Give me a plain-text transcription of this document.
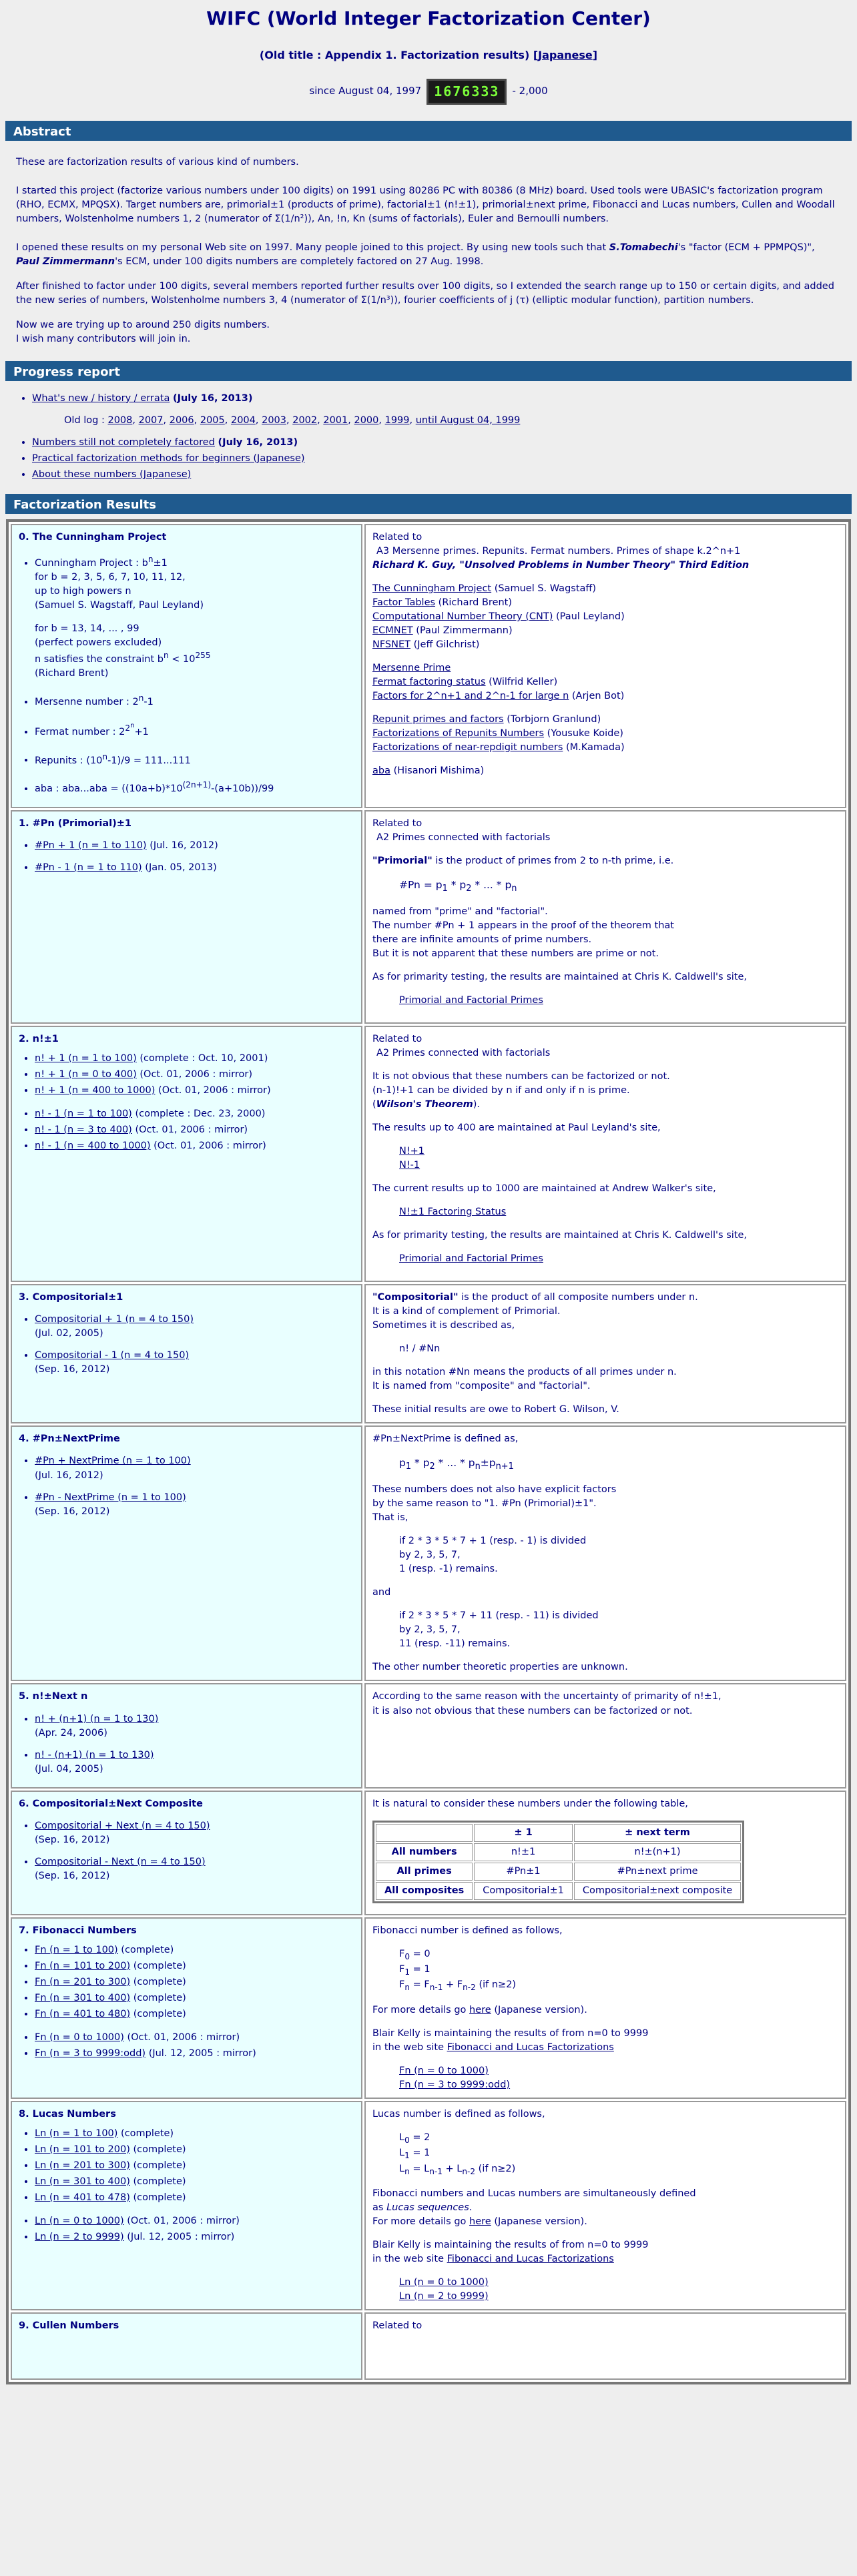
WIFC (World Integer Factorization Center)
(Old title : Appendix 1. Factorization results) [Japanese]
since August 04, 1997 1676333	- 2,000
Abstract

These are factorization results of various kind of numbers.

I started this project (factorize various numbers under 100 digits) on 1991 using 80286 PC with 80386 (8 MHz) board. Used tools were UBASIC's factorization program (RHO, ECMX, MPQSX). Target numbers are, primorial±1 (products of prime), factorial±1 (n!±1), primorial±next prime, Fibonacci and Lucas numbers, Cullen and Woodall numbers, Wolstenholme numbers 1, 2 (numerator of Σ(1/n²)), An, !n, Kn (sums of factorials), Euler and Bernoulli numbers.

I opened these results on my personal Web site on 1997. Many people joined to this project. By using new tools such that S.Tomabechi's "factor (ECM + PPMPQS)", Paul Zimmermann's ECM, under 100 digits numbers are completely factored on 27 Aug. 1998.

After finished to factor under 100 digits, several members reported further results over 100 digits, so I extended the search range up to 150 or certain digits, and added the new series of numbers, Wolstenholme numbers 3, 4 (numerator of Σ(1/n³)), fourier coefficients of j (τ) (elliptic modular function), partition numbers.

Now we are trying up to around 250 digits numbers.
I wish many contributors will join in.

Progress report
• What's new / history / errata (July 16, 2013)
Old log : 2008, 2007, 2006, 2005, 2004, 2003, 2002, 2001, 2000, 1999, until August 04, 1999
• Numbers still not completely factored (July 16, 2013)
• Practical factorization methods for beginners (Japanese)
• About these numbers (Japanese)
Factorization Results
0. The Cunningham Project
• Cunningham Project : $b^n\pm 1$
for b = 2, 3, 5, 6, 7, 10, 11, 12,
up to high powers n
(Samuel S. Wagstaff, Paul Leyland)

for b = 13, 14, ... , 99
(perfect powers excluded)
n satisfies the constraint $b^n < 10^{255}$
(Richard Brent)
• Mersenne number : 2$^n$-1
• Fermat number : $2^{2^n}+1$
• Repunits : $(10^n-1)/9 = 111...111$
• aba : $aba...aba = ((10a+b)*10^{(2n+1)}-(a+10b))/99$

Related to
A3 Mersenne primes. Repunits. Fermat numbers. Primes of shape k.2^n+1
Richard K. Guy, "Unsolved Problems in Number Theory" Third Edition
The Cunningham Project (Samuel S. Wagstaff)
Factor Tables (Richard Brent)
Computational Number Theory (CNT) (Paul Leyland)
ECMNET (Paul Zimmermann)
NFSNET (Jeff Gilchrist)
Mersenne Prime
Fermat factoring status (Wilfrid Keller)
Factors for 2^n+1 and 2^n-1 for large n (Arjen Bot)
Repunit primes and factors (Torbjorn Granlund)
Factorizations of Repunits Numbers (Yousuke Koide)
Factorizations of near-repdigit numbers (M.Kamada)
aba (Hisanori Mishima)

1. #Pn (Primorial)±1
• #Pn + 1 (n = 1 to 110) (Jul. 16, 2012)
• #Pn - 1 (n = 1 to 110) (Jan. 05, 2013)

Related to
A2 Primes connected with factorials
"Primorial" is the product of primes from 2 to n-th prime, i.e.
#Pn = $p_1 * p_2$ * ... * $p_n$
named from "prime" and "factorial".
The number #Pn + 1 appears in the proof of the theorem that
there are infinite amounts of prime numbers.
But it is not apparent that these numbers are prime or not.
As for primarity testing, the results are maintained at Chris K. Caldwell's site,
Primorial and Factorial Primes

2. n!±1
• n! + 1 (n = 1 to 100) (complete : Oct. 10, 2001)
• n! + 1 (n = 0 to 400) (Oct. 01, 2006 : mirror)
• n! + 1 (n = 400 to 1000) (Oct. 01, 2006 : mirror)
• n! - 1 (n = 1 to 100) (complete : Dec. 23, 2000)
• n! - 1 (n = 3 to 400) (Oct. 01, 2006 : mirror)
• n! - 1 (n = 400 to 1000) (Oct. 01, 2006 : mirror)

Related to
A2 Primes connected with factorials
It is not obvious that these numbers can be factorized or not.
(n-1)!+1 can be divided by n if and only if n is prime.
(Wilson's Theorem).
The results up to 400 are maintained at Paul Leyland's site,
N!+1
N!-1
The current results up to 1000 are maintained at Andrew Walker's site,
N!±1 Factoring Status
As for primarity testing, the results are maintained at Chris K. Caldwell's site,
Primorial and Factorial Primes

3. Compositorial±1
• Compositorial + 1 (n = 4 to 150)
(Jul. 02, 2005)
• Compositorial - 1 (n = 4 to 150)
(Sep. 16, 2012)

"Compositorial" is the product of all composite numbers under n.
It is a kind of complement of Primorial.
Sometimes it is described as,
n! / #Nn
in this notation #Nn means the products of all primes under n.
It is named from "composite" and "factorial".
These initial results are owe to Robert G. Wilson, V.

4. #Pn±NextPrime
• #Pn + NextPrime (n = 1 to 100)
(Jul. 16, 2012)
• #Pn - NextPrime (n = 1 to 100)
(Sep. 16, 2012)

#Pn±NextPrime is defined as,
$p_1 * p_2$ * ... * $p_n\pm p_{n+1}$
These numbers does not also have explicit factors
by the same reason to "1. #Pn (Primorial)±1".
That is,
if 2 * 3 * 5 * 7 + 1 (resp. - 1) is divided
by 2, 3, 5, 7,
1 (resp. -1) remains.
and
if 2 * 3 * 5 * 7 + 11 (resp. - 11) is divided
by 2, 3, 5, 7,
11 (resp. -11) remains.
The other number theoretic properties are unknown.

5. n!±Next n
• n! + (n+1) (n = 1 to 130)
(Apr. 24, 2006)
• n! - (n+1) (n = 1 to 130)
(Jul. 04, 2005)

According to the same reason with the uncertainty of primarity of n!±1,
it is also not obvious that these numbers can be factorized or not.

6. Compositorial±Next Composite
• Compositorial + Next (n = 4 to 150)
(Sep. 16, 2012)
• Compositorial - Next (n = 4 to 150)
(Sep. 16, 2012)

It is natural to consider these numbers under the following table,
	± 1	± next term
All numbers	n!±1	n!±(n+1)
All primes	#Pn±1	#Pn±next prime
All composites	Compositorial±1	Compositorial±next composite

7. Fibonacci Numbers
• Fn (n = 1 to 100) (complete)
• Fn (n = 101 to 200) (complete)
• Fn (n = 201 to 300) (complete)
• Fn (n = 301 to 400) (complete)
• Fn (n = 401 to 480) (complete)
• Fn (n = 0 to 1000) (Oct. 01, 2006 : mirror)
• Fn (n = 3 to 9999:odd) (Jul. 12, 2005 : mirror)

Fibonacci number is defined as follows,
$F_0 = 0$
$F_1 = 1$
$F_n = F_{n-1} + F_{n-2}$ (if n≥2)
For more details go here (Japanese version).
Blair Kelly is maintaining the results of from n=0 to 9999
in the web site Fibonacci and Lucas Factorizations
Fn (n = 0 to 1000)
Fn (n = 3 to 9999:odd)

8. Lucas Numbers
• Ln (n = 1 to 100) (complete)
• Ln (n = 101 to 200) (complete)
• Ln (n = 201 to 300) (complete)
• Ln (n = 301 to 400) (complete)
• Ln (n = 401 to 478) (complete)
• Ln (n = 0 to 1000) (Oct. 01, 2006 : mirror)
• Ln (n = 2 to 9999) (Jul. 12, 2005 : mirror)

Lucas number is defined as follows,
$L_0 = 2$
$L_1 = 1$
$L_n = L_{n-1} + L_{n-2}$ (if n≥2)
Fibonacci numbers and Lucas numbers are simultaneously defined
as Lucas sequences.
For more details go here (Japanese version).
Blair Kelly is maintaining the results of from n=0 to 9999
in the web site Fibonacci and Lucas Factorizations
Ln (n = 0 to 1000)
Ln (n = 2 to 9999)

9. Cullen Numbers	Related to
